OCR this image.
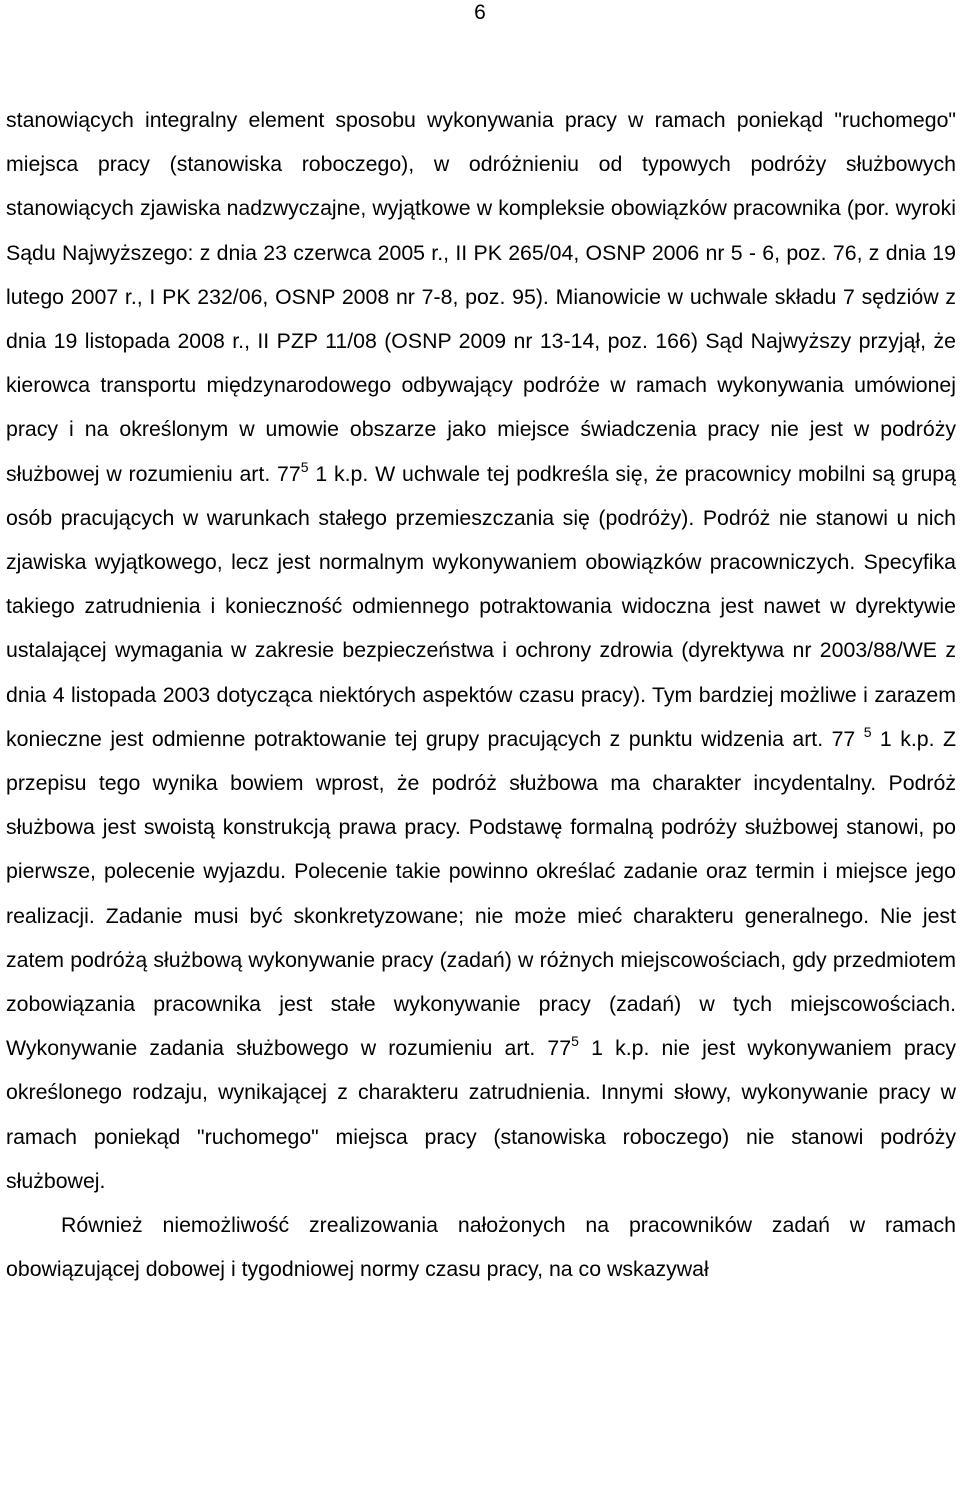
6

stanowiących integralny element sposobu wykonywania pracy w ramach poniekąd "ruchomego" miejsca pracy (stanowiska roboczego), w odróżnieniu od typowych podróży służbowych stanowiących zjawiska nadzwyczajne, wyjątkowe w kompleksie obowiązków pracownika (por. wyroki Sądu Najwyższego: z dnia 23 czerwca 2005 r., II PK 265/04, OSNP 2006 nr 5 - 6, poz. 76, z dnia 19 lutego 2007 r., I PK 232/06, OSNP 2008 nr 7-8, poz. 95). Mianowicie w uchwale składu 7 sędziów z dnia 19 listopada 2008 r., II PZP 11/08 (OSNP 2009 nr 13-14, poz. 166) Sąd Najwyższy przyjął, że kierowca transportu międzynarodowego odbywający podróże w ramach wykonywania umówionej pracy i na określonym w umowie obszarze jako miejsce świadczenia pracy nie jest w podróży służbowej w rozumieniu art. $77^5$ 1 k.p. W uchwale tej podkreśla się, że pracownicy mobilni są grupą osób pracujących w warunkach stałego przemieszczania się (podróży). Podróż nie stanowi u nich zjawiska wyjątkowego, lecz jest normalnym wykonywaniem obowiązków pracowniczych. Specyfika takiego zatrudnienia i konieczność odmiennego potraktowania widoczna jest nawet w dyrektywie ustalającej wymagania w zakresie bezpieczeństwa i ochrony zdrowia (dyrektywa nr 2003/88/WE z dnia 4 listopada 2003 dotycząca niektórych aspektów czasu pracy). Tym bardziej możliwe i zarazem konieczne jest odmienne potraktowanie tej grupy pracujących z punktu widzenia art. 77 $^5$ 1 k.p. Z przepisu tego wynika bowiem wprost, że podróż służbowa ma charakter incydentalny. Podróż służbowa jest swoistą konstrukcją prawa pracy. Podstawę formalną podróży służbowej stanowi, po pierwsze, polecenie wyjazdu. Polecenie takie powinno określać zadanie oraz termin i miejsce jego realizacji. Zadanie musi być skonkretyzowane; nie może mieć charakteru generalnego. Nie jest zatem podróżą służbową wykonywanie pracy (zadań) w różnych miejscowościach, gdy przedmiotem zobowiązania pracownika jest stałe wykonywanie pracy (zadań) w tych miejscowościach. Wykonywanie zadania służbowego w rozumieniu art. $77^5$ 1 k.p. nie jest wykonywaniem pracy określonego rodzaju, wynikającej z charakteru zatrudnienia. Innymi słowy, wykonywanie pracy w ramach poniekąd "ruchomego" miejsca pracy (stanowiska roboczego) nie stanowi podróży służbowej.

Również niemożliwość zrealizowania nałożonych na pracowników zadań w ramach obowiązującej dobowej i tygodniowej normy czasu pracy, na co wskazywał
